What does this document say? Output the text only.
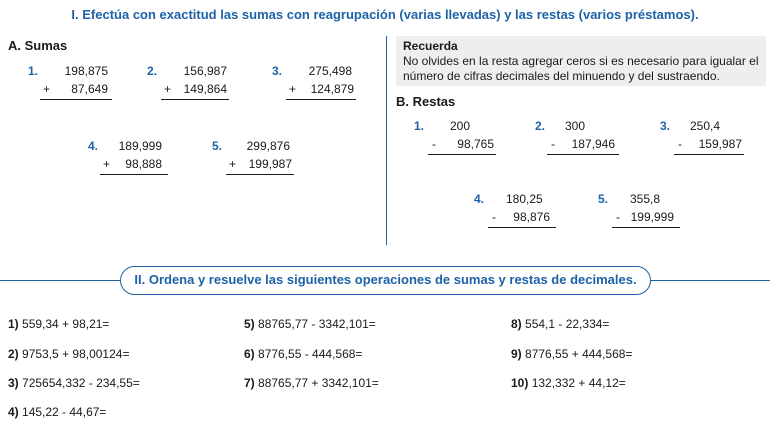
I. Efectúa con exactitud las sumas con reagrupación (varias llevadas) y las restas (varios préstamos).
A. Sumas
1.	198,875
+ 87,649
2.	156,987
+ 149,864
3.	275,498
+ 124,879
4.	189,999
+ 98,888
5.	299,876
+ 199,987
Recuerda
No olvides en la resta agregar ceros si es necesario para igualar el número de cifras decimales del minuendo y del sustraendo.
B. Restas
1. 200
- 98,765
2. 300
- 187,946
3. 250,4
- 159,987
4. 180,25
- 98,876
5. 355,8
- 199,999
II. Ordena y resuelve las siguientes operaciones de sumas y restas de decimales.
1) 559,34 + 98,21=
2) 9753,5 + 98,00124=
3) 725654,332 - 234,55=
4) 145,22 - 44,67=
5) 88765,77 - 3342,101=
6) 8776,55 - 444,568=
7) 88765,77 + 3342,101=
8) 554,1 - 22,334=
9) 8776,55 + 444,568=
10) 132,332 + 44,12=
